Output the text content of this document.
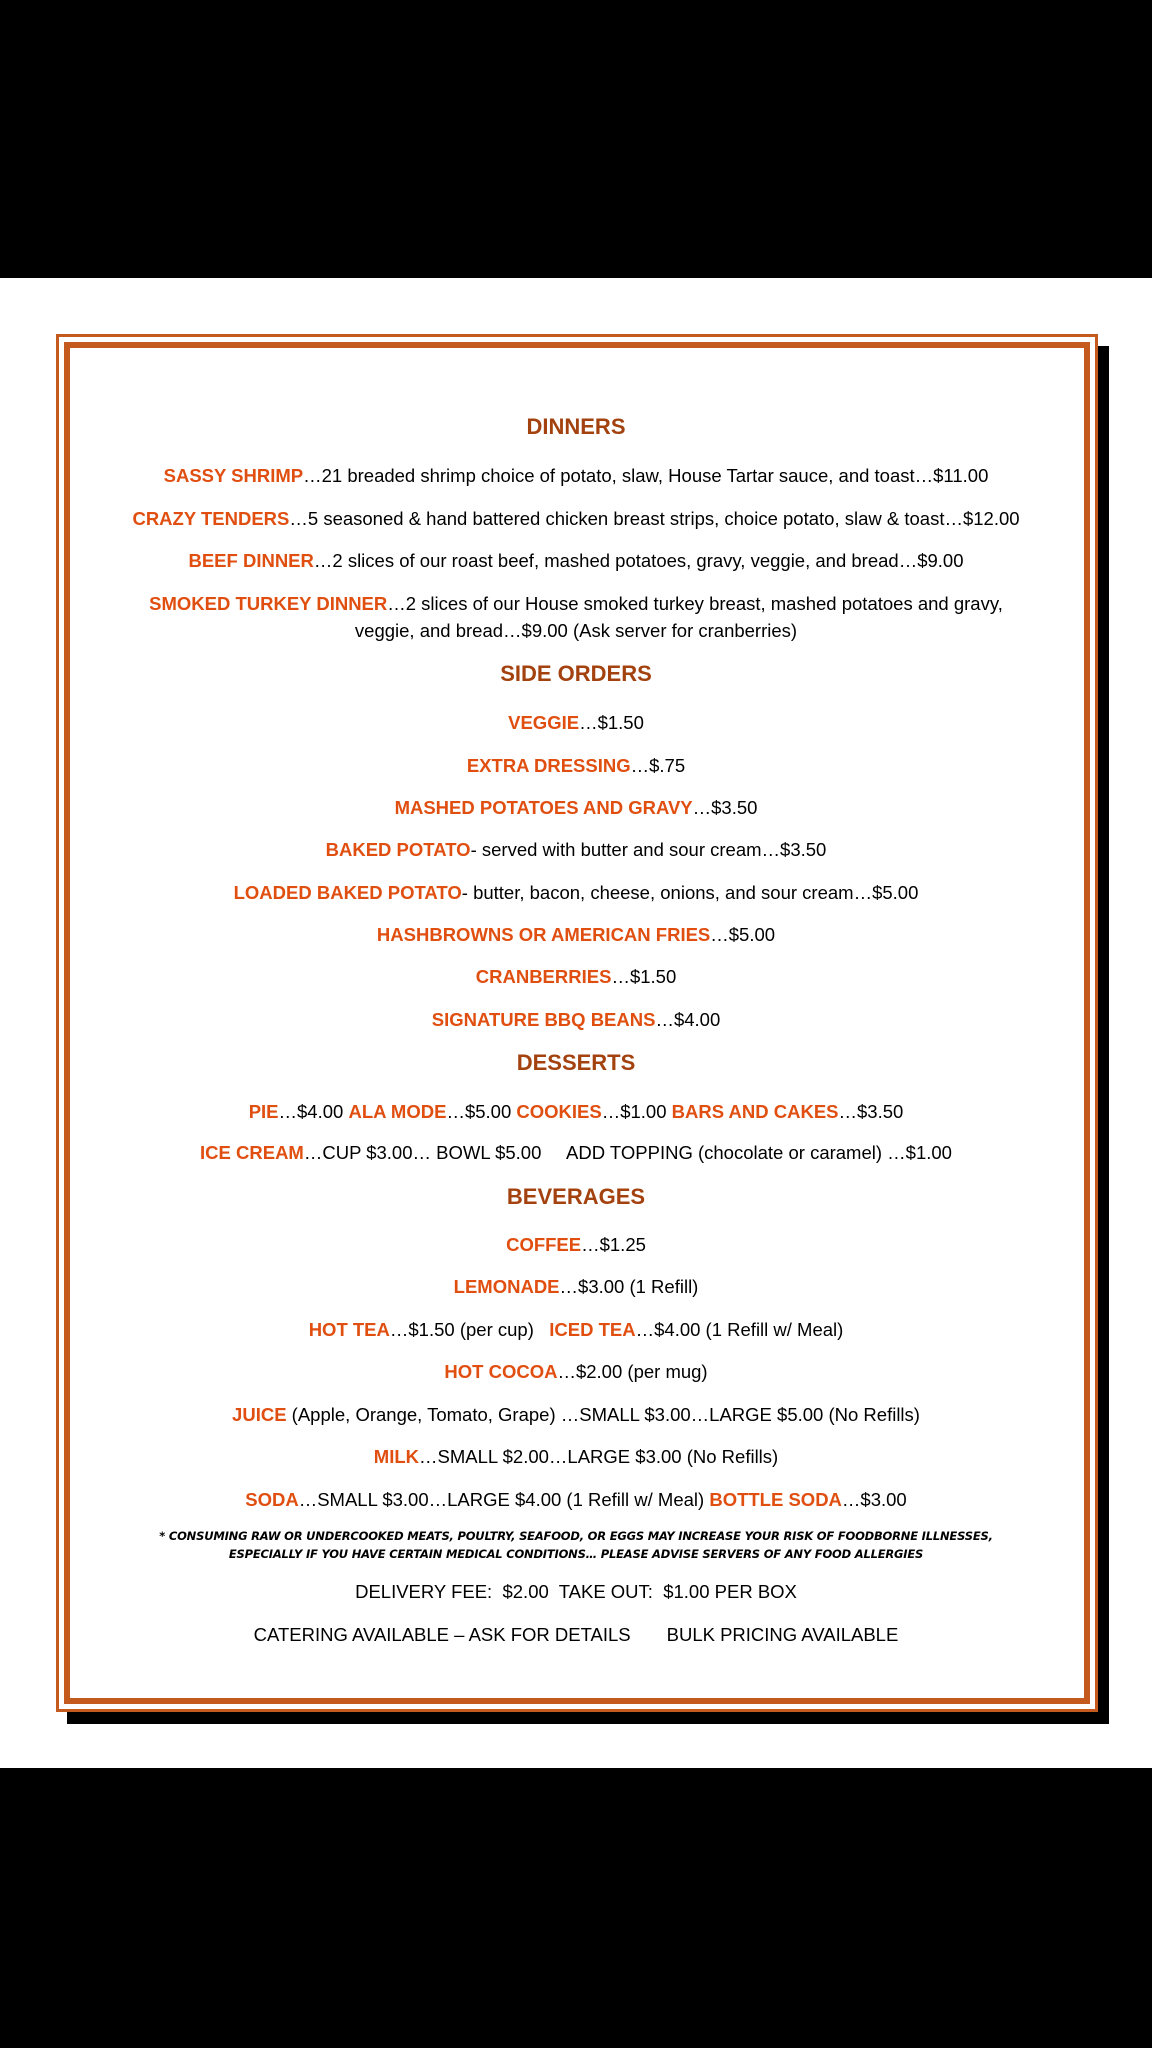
DINNERS
SASSY SHRIMP…21 breaded shrimp choice of potato, slaw, House Tartar sauce, and toast…$11.00
CRAZY TENDERS…5 seasoned & hand battered chicken breast strips, choice potato, slaw & toast…$12.00
BEEF DINNER…2 slices of our roast beef, mashed potatoes, gravy, veggie, and bread…$9.00
SMOKED TURKEY DINNER…2 slices of our House smoked turkey breast, mashed potatoes and gravy,
veggie, and bread…$9.00 (Ask server for cranberries)
SIDE ORDERS
VEGGIE…$1.50
EXTRA DRESSING…$.75
MASHED POTATOES AND GRAVY…$3.50
BAKED POTATO- served with butter and sour cream…$3.50
LOADED BAKED POTATO- butter, bacon, cheese, onions, and sour cream…$5.00
HASHBROWNS OR AMERICAN FRIES…$5.00
CRANBERRIES…$1.50
SIGNATURE BBQ BEANS…$4.00
DESSERTS
PIE…$4.00 ALA MODE…$5.00 COOKIES…$1.00 BARS AND CAKES…$3.50
ICE CREAM…CUP $3.00… BOWL $5.00     ADD TOPPING (chocolate or caramel) …$1.00
BEVERAGES
COFFEE…$1.25
LEMONADE…$3.00 (1 Refill)
HOT TEA…$1.50 (per cup)   ICED TEA…$4.00 (1 Refill w/ Meal)
HOT COCOA…$2.00 (per mug)
JUICE (Apple, Orange, Tomato, Grape) …SMALL $3.00…LARGE $5.00 (No Refills)
MILK…SMALL $2.00…LARGE $3.00 (No Refills)
SODA…SMALL $3.00…LARGE $4.00 (1 Refill w/ Meal) BOTTLE SODA…$3.00
* CONSUMING RAW OR UNDERCOOKED MEATS, POULTRY, SEAFOOD, OR EGGS MAY INCREASE YOUR RISK OF FOODBORNE ILLNESSES,
ESPECIALLY IF YOU HAVE CERTAIN MEDICAL CONDITIONS… PLEASE ADVISE SERVERS OF ANY FOOD ALLERGIES
DELIVERY FEE:  $2.00  TAKE OUT:  $1.00 PER BOX
CATERING AVAILABLE – ASK FOR DETAILS       BULK PRICING AVAILABLE
